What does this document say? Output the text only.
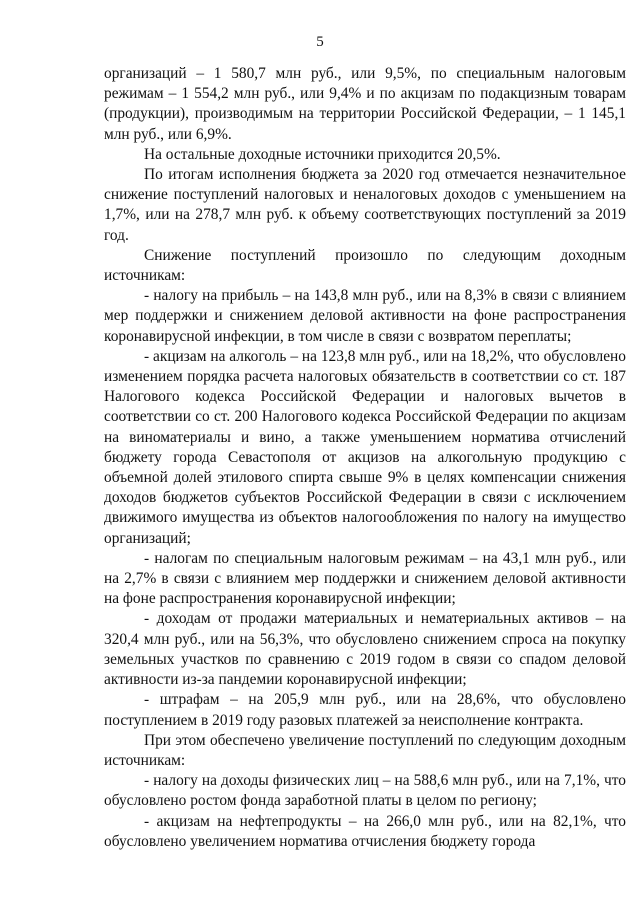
5

организаций – 1 580,7 млн руб., или 9,5%, по специальным налоговым режимам – 1 554,2 млн руб., или 9,4% и по акцизам по подакцизным товарам (продукции), производимым на территории Российской Федерации, – 1 145,1 млн руб., или 6,9%.

На остальные доходные источники приходится 20,5%.

По итогам исполнения бюджета за 2020 год отмечается незначительное снижение поступлений налоговых и неналоговых доходов с уменьшением на 1,7%, или на 278,7 млн руб. к объему соответствующих поступлений за 2019 год.

Снижение поступлений произошло по следующим доходным источникам:

- налогу на прибыль – на 143,8 млн руб., или на 8,3% в связи с влиянием мер поддержки и снижением деловой активности на фоне распространения коронавирусной инфекции, в том числе в связи с возвратом переплаты;

- акцизам на алкоголь – на 123,8 млн руб., или на 18,2%, что обусловлено изменением порядка расчета налоговых обязательств в соответствии со ст. 187 Налогового кодекса Российской Федерации и налоговых вычетов в соответствии со ст. 200 Налогового кодекса Российской Федерации по акцизам на виноматериалы и вино, а также уменьшением норматива отчислений бюджету города Севастополя от акцизов на алкогольную продукцию с объемной долей этилового спирта свыше 9% в целях компенсации снижения доходов бюджетов субъектов Российской Федерации в связи с исключением движимого имущества из объектов налогообложения по налогу на имущество организаций;

- налогам по специальным налоговым режимам – на 43,1 млн руб., или на 2,7% в связи с влиянием мер поддержки и снижением деловой активности на фоне распространения коронавирусной инфекции;

- доходам от продажи материальных и нематериальных активов – на 320,4 млн руб., или на 56,3%, что обусловлено снижением спроса на покупку земельных участков по сравнению с 2019 годом в связи со спадом деловой активности из-за пандемии коронавирусной инфекции;

- штрафам – на 205,9 млн руб., или на 28,6%, что обусловлено поступлением в 2019 году разовых платежей за неисполнение контракта.

При этом обеспечено увеличение поступлений по следующим доходным источникам:

- налогу на доходы физических лиц – на 588,6 млн руб., или на 7,1%, что обусловлено ростом фонда заработной платы в целом по региону;

- акцизам на нефтепродукты – на 266,0 млн руб., или на 82,1%, что обусловлено увеличением норматива отчисления бюджету города
